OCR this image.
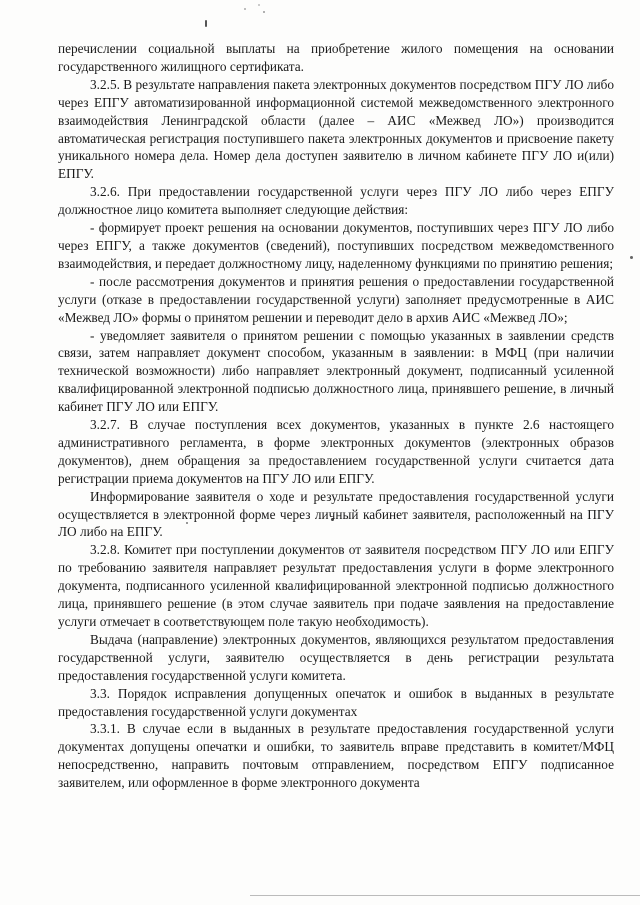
перечислении социальной выплаты на приобретение жилого помещения на основании государственного жилищного сертификата.

3.2.5. В результате направления пакета электронных документов посредством ПГУ ЛО либо через ЕПГУ автоматизированной информационной системой межведомственного электронного взаимодействия Ленинградской области (далее – АИС «Межвед ЛО») производится автоматическая регистрация поступившего пакета электронных документов и присвоение пакету уникального номера дела. Номер дела доступен заявителю в личном кабинете ПГУ ЛО и(или) ЕПГУ.

3.2.6. При предоставлении государственной услуги через ПГУ ЛО либо через ЕПГУ должностное лицо комитета выполняет следующие действия:

- формирует проект решения на основании документов, поступивших через ПГУ ЛО либо через ЕПГУ, а также документов (сведений), поступивших посредством межведомственного взаимодействия, и передает должностному лицу, наделенному функциями по принятию решения;

- после рассмотрения документов и принятия решения о предоставлении государственной услуги (отказе в предоставлении государственной услуги) заполняет предусмотренные в АИС «Межвед ЛО» формы о принятом решении и переводит дело в архив АИС «Межвед ЛО»;

- уведомляет заявителя о принятом решении с помощью указанных в заявлении средств связи, затем направляет документ способом, указанным в заявлении: в МФЦ (при наличии технической возможности) либо направляет электронный документ, подписанный усиленной квалифицированной электронной подписью должностного лица, принявшего решение, в личный кабинет ПГУ ЛО или ЕПГУ.

3.2.7. В случае поступления всех документов, указанных в пункте 2.6 настоящего административного регламента, в форме электронных документов (электронных образов документов), днем обращения за предоставлением государственной услуги считается дата регистрации приема документов на ПГУ ЛО или ЕПГУ.

Информирование заявителя о ходе и результате предоставления государственной услуги осуществляется в электронной форме через личный кабинет заявителя, расположенный на ПГУ ЛО либо на ЕПГУ.

3.2.8. Комитет при поступлении документов от заявителя посредством ПГУ ЛО или ЕПГУ по требованию заявителя направляет результат предоставления услуги в форме электронного документа, подписанного усиленной квалифицированной электронной подписью должностного лица, принявшего решение (в этом случае заявитель при подаче заявления на предоставление услуги отмечает в соответствующем поле такую необходимость).

Выдача (направление) электронных документов, являющихся результатом предоставления государственной услуги, заявителю осуществляется в день регистрации результата предоставления государственной услуги комитета.

3.3. Порядок исправления допущенных опечаток и ошибок в выданных в результате предоставления государственной услуги документах

3.3.1. В случае если в выданных в результате предоставления государственной услуги документах допущены опечатки и ошибки, то заявитель вправе представить в комитет/МФЦ непосредственно, направить почтовым отправлением, посредством ЕПГУ подписанное заявителем, или оформленное в форме электронного документа
